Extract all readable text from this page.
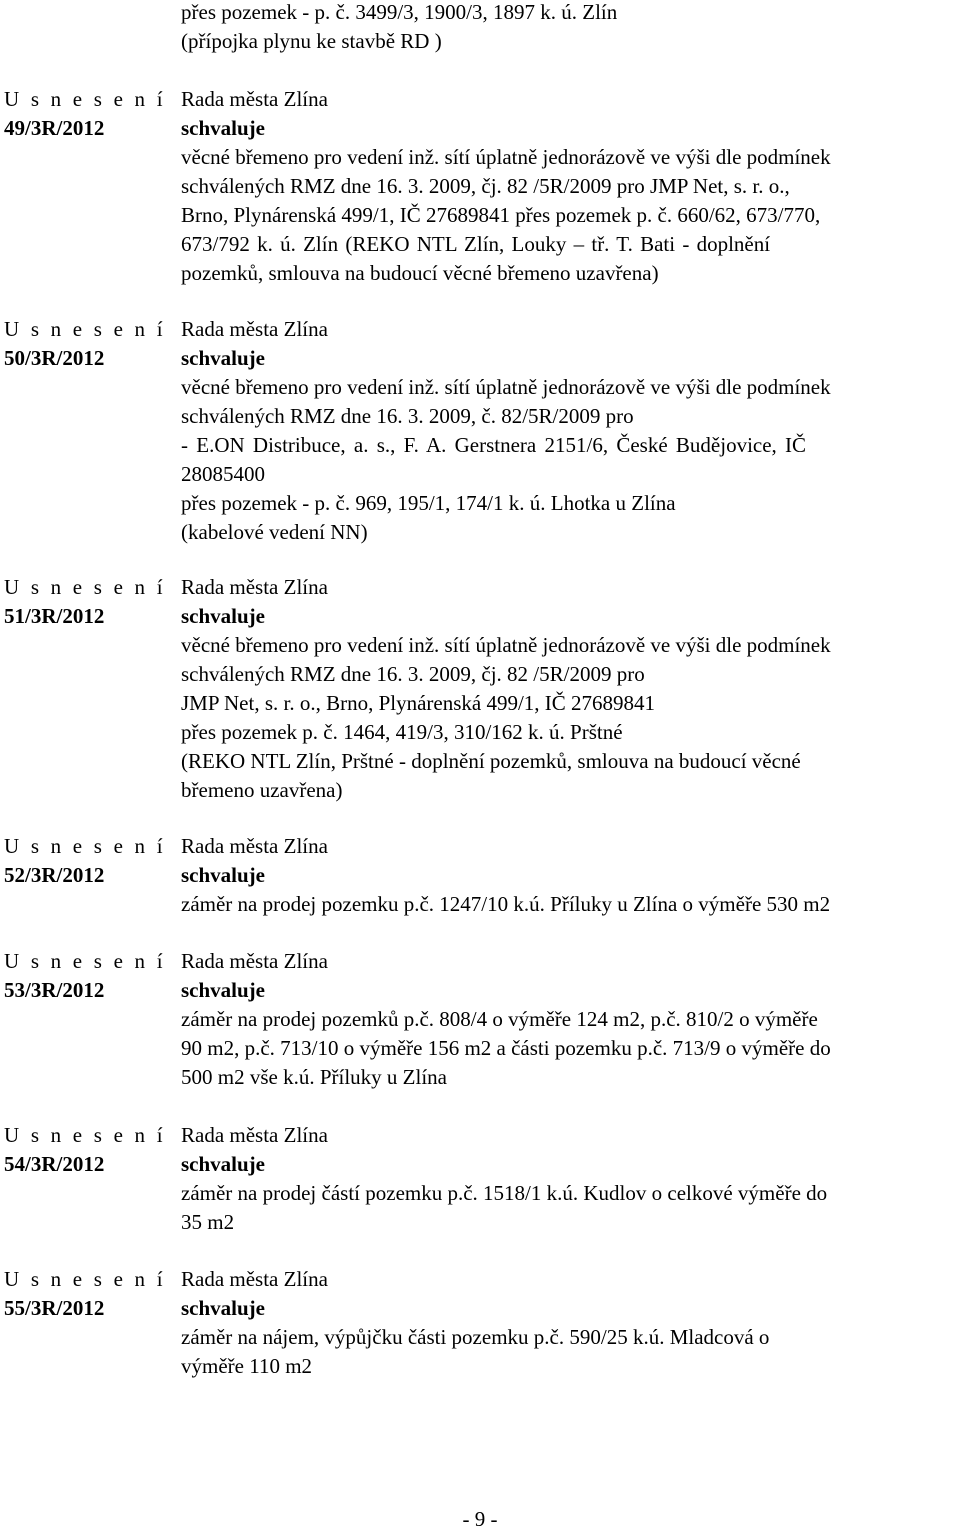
přes pozemek - p. č. 3499/3, 1900/3, 1897 k. ú. Zlín
(přípojka plynu ke stavbě RD )
U s n e s e n í
49/3R/2012
Rada města Zlína
schvaluje
věcné břemeno pro vedení inž. sítí úplatně jednorázově ve výši dle podmínek
schválených RMZ dne 16. 3. 2009, čj. 82 /5R/2009 pro JMP Net, s. r. o.,
Brno, Plynárenská 499/1, IČ 27689841 přes pozemek p. č. 660/62, 673/770,
673/792 k. ú. Zlín (REKO NTL Zlín, Louky – tř. T. Bati - doplnění
pozemků, smlouva na budoucí věcné břemeno uzavřena)
U s n e s e n í
50/3R/2012
Rada města Zlína
schvaluje
věcné břemeno pro vedení inž. sítí úplatně jednorázově ve výši dle podmínek
schválených RMZ dne 16. 3. 2009, č. 82/5R/2009 pro
- E.ON Distribuce, a. s., F. A. Gerstnera 2151/6, České Budějovice, IČ
28085400
přes pozemek - p. č. 969, 195/1, 174/1 k. ú. Lhotka u Zlína
(kabelové vedení NN)
U s n e s e n í
51/3R/2012
Rada města Zlína
schvaluje
věcné břemeno pro vedení inž. sítí úplatně jednorázově ve výši dle podmínek
schválených RMZ dne 16. 3. 2009, čj. 82 /5R/2009 pro
JMP Net, s. r. o., Brno, Plynárenská 499/1, IČ 27689841
přes pozemek p. č. 1464, 419/3, 310/162 k. ú. Prštné
(REKO NTL Zlín, Prštné - doplnění pozemků, smlouva na budoucí věcné
břemeno uzavřena)
U s n e s e n í
52/3R/2012
Rada města Zlína
schvaluje
záměr na prodej pozemku p.č. 1247/10 k.ú. Příluky u Zlína o výměře 530 m2
U s n e s e n í
53/3R/2012
Rada města Zlína
schvaluje
záměr na prodej pozemků p.č. 808/4 o výměře 124 m2, p.č. 810/2 o výměře
90 m2, p.č. 713/10 o výměře 156 m2 a části pozemku p.č. 713/9 o výměře do
500 m2 vše k.ú. Příluky u Zlína
U s n e s e n í
54/3R/2012
Rada města Zlína
schvaluje
záměr na prodej částí pozemku p.č. 1518/1 k.ú. Kudlov o celkové výměře do
35 m2
U s n e s e n í
55/3R/2012
Rada města Zlína
schvaluje
záměr na nájem, výpůjčku části pozemku p.č. 590/25 k.ú. Mladcová o
výměře 110 m2
- 9 -
